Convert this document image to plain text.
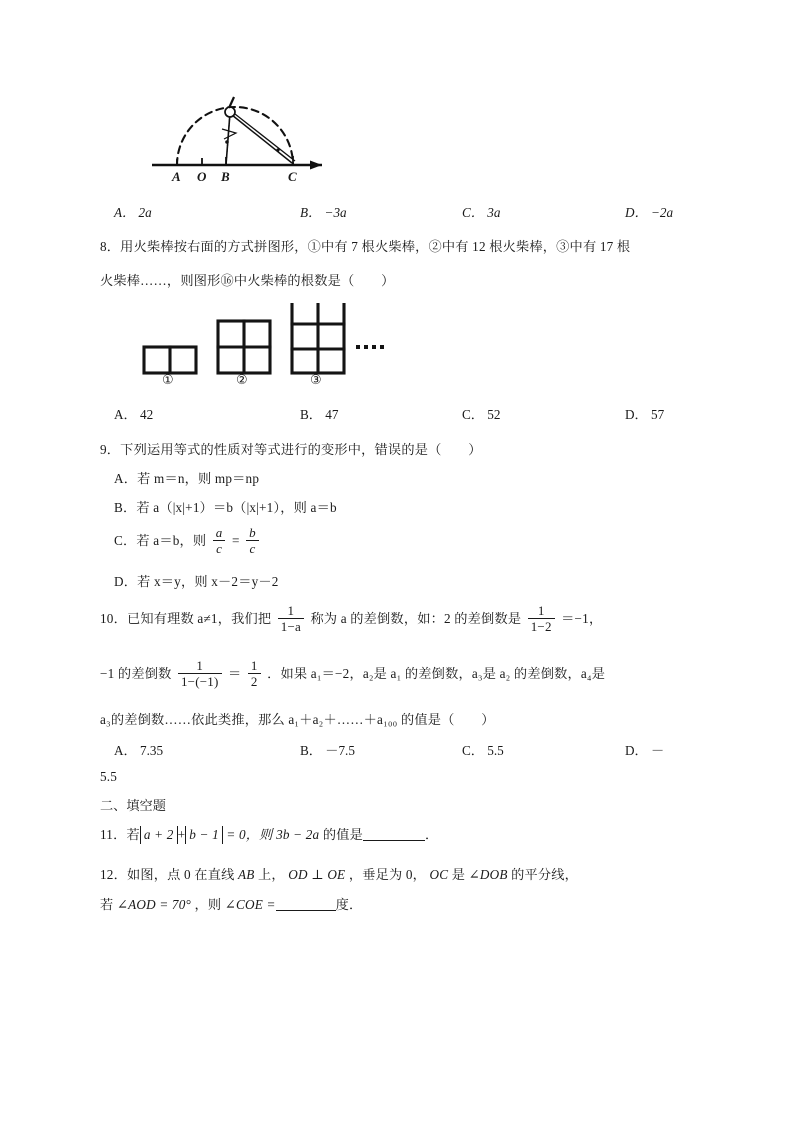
A O B	C
A． 2a	B． −3a	C． 3a	D． −2a
8．用火柴棒按右面的方式拼图形，①中有 7 根火柴棒，②中有 12 根火柴棒，③中有 17 根
火柴棒……，则图形⑯中火柴棒的根数是（　　）
①	②	③
A． 42	B． 47	C． 52	D． 57
9．下列运用等式的性质对等式进行的变形中，错误的是（　　）
A．若 m＝n，则 mp＝np
B．若 a（|x|+1）＝b（|x|+1），则 a＝b
C．若 a＝b，则 $\frac{a}{c} = \frac{b}{c}$
D．若 x＝y，则 x－2＝y－2
10．已知有理数 a≠1，我们把 $\frac{1}{1-a}$ 称为 a 的差倒数，如：2 的差倒数是 $\frac{1}{1-2} =-1$，
−1 的差倒数 $\frac{1}{1-(-1)} = \frac{1}{2}$ ．如果 a₁＝−2，a₂是 a₁ 的差倒数，a₃是 a₂ 的差倒数，a₄是
a₃的差倒数……依此类推，那么 a₁＋a₂＋……＋a₁₀₀ 的值是（　　）
A． 7.35	B． －7.5	C． 5.5	D． －
5.5
二、填空题
11．若 a + 2 + b − 1 = 0，则 3b − 2a 的值是	．
12．如图，点 0 在直线 AB 上， OD ⊥ OE ，垂足为 0， OC 是 ∠DOB 的平分线，
若 ∠AOD = 70° ，则 ∠COE =	度．
